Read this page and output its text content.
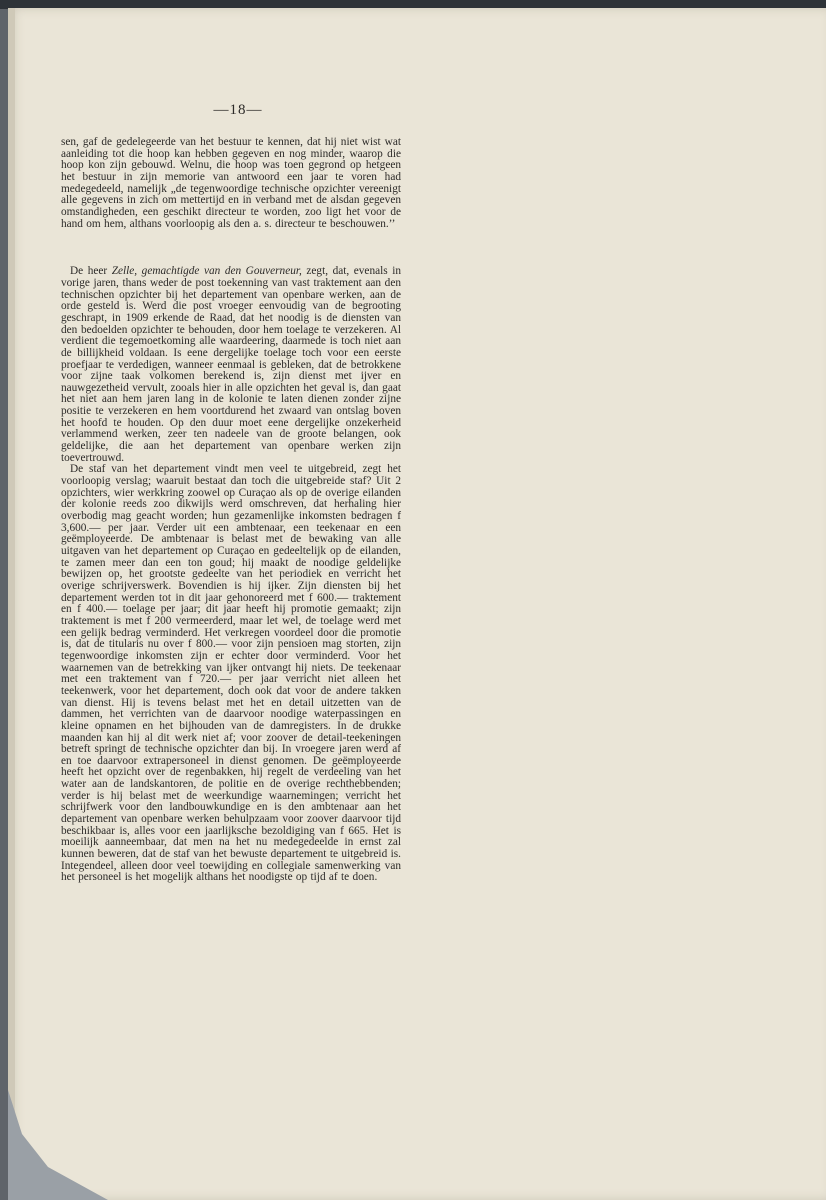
—18—

sen, gaf de gedelegeerde van het bestuur te kennen, dat hij niet wist wat aanleiding tot die hoop kan hebben gegeven en nog minder, waarop die hoop kon zijn gebouwd. Welnu, die hoop was toen gegrond op hetgeen het bestuur in zijn memorie van antwoord een jaar te voren had medegedeeld, namelijk „de tegenwoordige technische opzichter vereenigt alle gegevens in zich om mettertijd en in verband met de alsdan gegeven omstandigheden, een geschikt directeur te worden, zoo ligt het voor de hand om hem, althans voorloopig als den a. s. directeur te beschouwen.’’

De heer Zelle, gemachtigde van den Gouverneur, zegt, dat, evenals in vorige jaren, thans weder de post toekenning van vast traktement aan den technischen opzichter bij het departement van openbare werken, aan de orde gesteld is. Werd die post vroeger eenvoudig van de begrooting geschrapt, in 1909 erkende de Raad, dat het noodig is de diensten van den bedoelden opzichter te behouden, door hem toelage te verzekeren. Al verdient die tegemoetkoming alle waardeering, daarmede is toch niet aan de billijkheid voldaan. Is eene dergelijke toelage toch voor een eerste proefjaar te verdedigen, wanneer eenmaal is gebleken, dat de betrokkene voor zijne taak volkomen berekend is, zijn dienst met ijver en nauwgezetheid vervult, zooals hier in alle opzichten het geval is, dan gaat het niet aan hem jaren lang in de kolonie te laten dienen zonder zijne positie te verzekeren en hem voortdurend het zwaard van ontslag boven het hoofd te houden. Op den duur moet eene dergelijke onzekerheid verlammend werken, zeer ten nadeele van de groote belangen, ook geldelijke, die aan het departement van openbare werken zijn toevertrouwd.

De staf van het departement vindt men veel te uitgebreid, zegt het voorloopig verslag; waaruit bestaat dan toch die uitgebreide staf? Uit 2 opzichters, wier werkkring zoowel op Curaçao als op de overige eilanden der kolonie reeds zoo dikwijls werd omschreven, dat herhaling hier overbodig mag geacht worden; hun gezamenlijke inkomsten bedragen f 3,600.— per jaar. Verder uit een ambtenaar, een teekenaar en een geëmployeerde. De ambtenaar is belast met de bewaking van alle uitgaven van het departement op Curaçao en gedeeltelijk op de eilanden, te zamen meer dan een ton goud; hij maakt de noodige geldelijke bewijzen op, het grootste gedeelte van het periodiek en verricht het overige schrijverswerk. Bovendien is hij ijker. Zijn diensten bij het departement werden tot in dit jaar gehonoreerd met f 600.— traktement en f 400.— toelage per jaar; dit jaar heeft hij promotie gemaakt; zijn traktement is met f 200 vermeerderd, maar let wel, de toelage werd met een gelijk bedrag verminderd. Het verkregen voordeel door die promotie is, dat de titularis nu over f 800.— voor zijn pensioen mag storten, zijn tegenwoordige inkomsten zijn er echter door verminderd. Voor het waarnemen van de betrekking van ijker ontvangt hij niets. De teekenaar met een traktement van f 720.— per jaar verricht niet alleen het teekenwerk, voor het departement, doch ook dat voor de andere takken van dienst. Hij is tevens belast met het en detail uitzetten van de dammen, het verrichten van de daarvoor noodige waterpassingen en kleine opnamen en het bijhouden van de damregisters. In de drukke maanden kan hij al dit werk niet af; voor zoover de detail-teekeningen betreft springt de technische opzichter dan bij. In vroegere jaren werd af en toe daarvoor extrapersoneel in dienst genomen. De geëmployeerde heeft het opzicht over de regenbakken, hij regelt de verdeeling van het water aan de landskantoren, de politie en de overige rechthebbenden; verder is hij belast met de weerkundige waarnemingen; verricht het schrijfwerk voor den landbouwkundige en is den ambtenaar aan het departement van openbare werken behulpzaam voor zoover daarvoor tijd beschikbaar is, alles voor een jaarlijksche bezoldiging van f 665. Het is moeilijk aanneembaar, dat men na het nu medegedeelde in ernst zal kunnen beweren, dat de staf van het bewuste departement te uitgebreid is. Integendeel, alleen door veel toewijding en collegiale samenwerking van het personeel is het mogelijk althans het noodigste op tijd af te doen.
